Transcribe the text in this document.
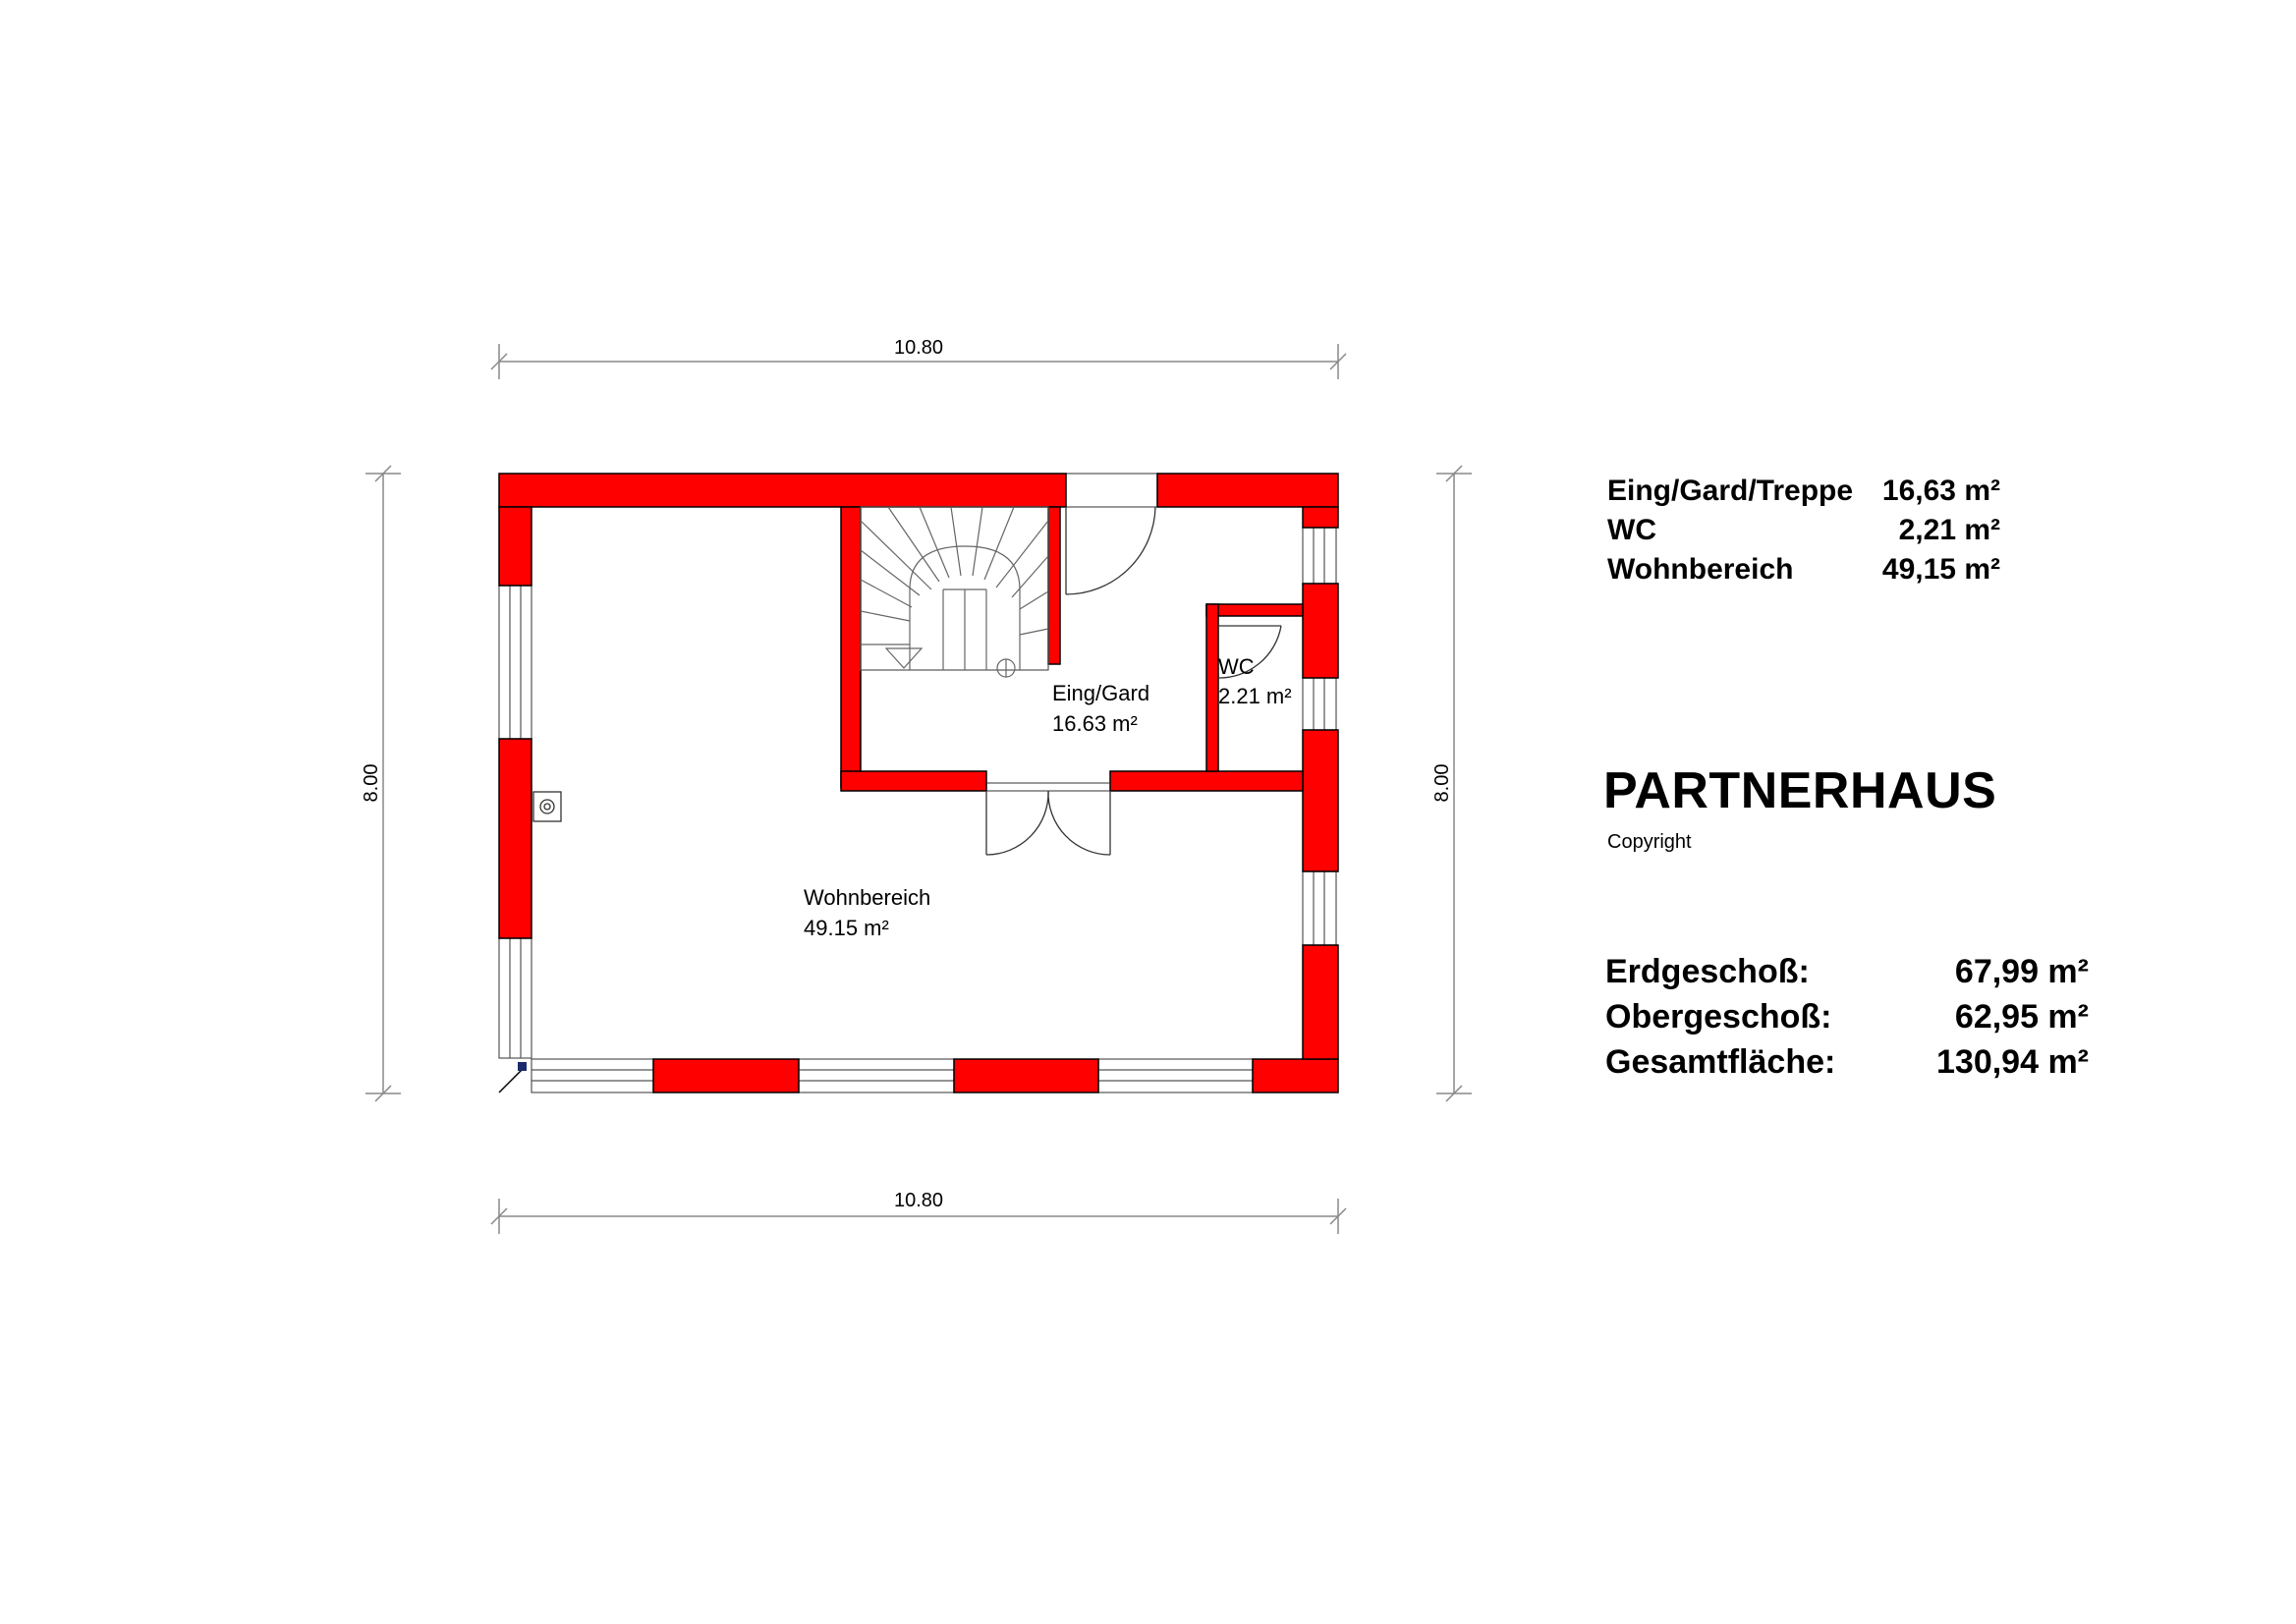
10.80
10.80
8.00	8.00
Eing/Gard
16.63 m²
WC
2.21 m²
Wohnbereich
49.15 m²
Eing/Gard/Treppe 16,63 m²
WC	2,21 m²
Wohnbereich	49,15 m²
PARTNERHAUS
Copyright
Erdgeschoß:	67,99 m²
Obergeschoß:	62,95 m²
Gesamtfläche:	130,94 m²
